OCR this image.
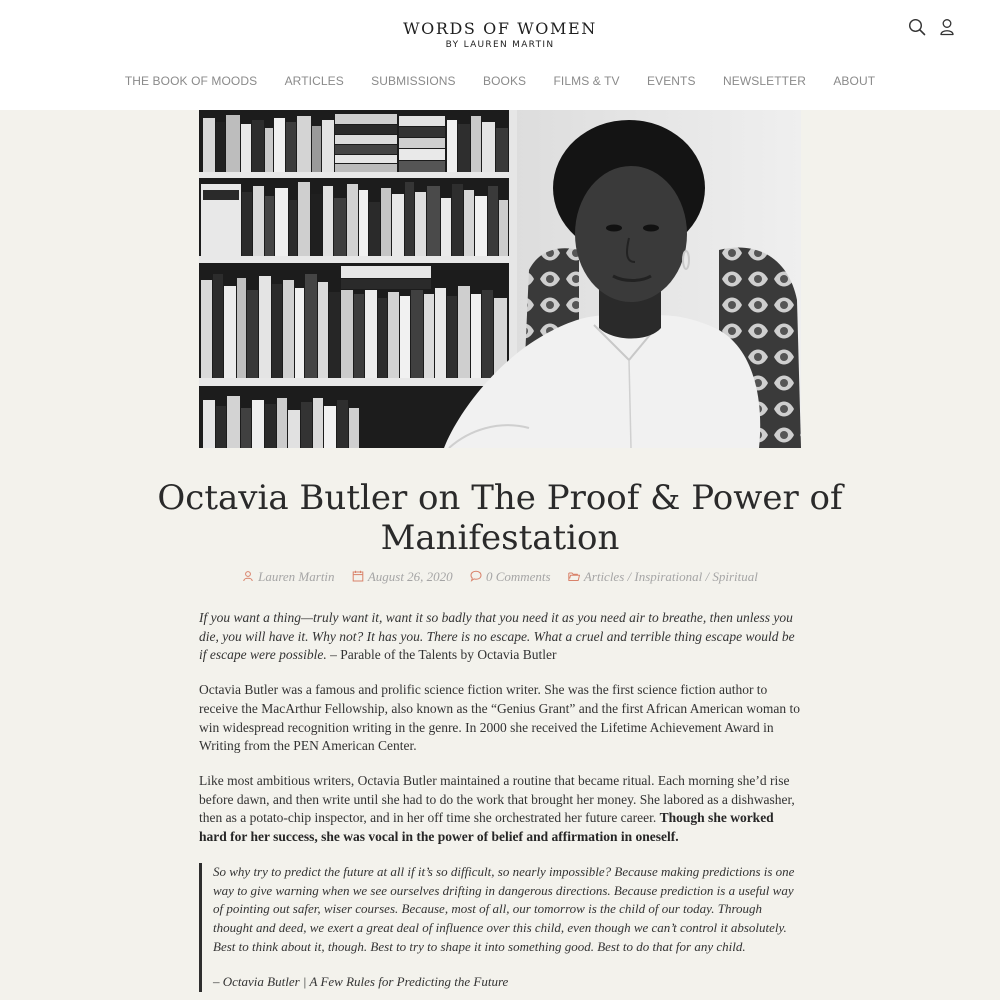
WORDS OF WOMEN
BY LAUREN MARTIN
THE BOOK OF MOODS ARTICLES SUBMISSIONS BOOKS FILMS & TV EVENTS NEWSLETTER ABOUT
Octavia Butler on The Proof & Power of Manifestation
Lauren Martin	August 26, 2020	0 Comments	Articles / Inspirational / Spiritual

If you want a thing—truly want it, want it so badly that you need it as you need air to breathe, then unless you die, you will have it. Why not? It has you. There is no escape. What a cruel and terrible thing escape would be if escape were possible. – Parable of the Talents by Octavia Butler

Octavia Butler was a famous and prolific science fiction writer. She was the first science fiction author to receive the MacArthur Fellowship, also known as the “Genius Grant” and the first African American woman to win widespread recognition writing in the genre. In 2000 she received the Lifetime Achievement Award in Writing from the PEN American Center.

Like most ambitious writers, Octavia Butler maintained a routine that became ritual. Each morning she’d rise before dawn, and then write until she had to do the work that brought her money. She labored as a dishwasher, then as a potato-chip inspector, and in her off time she orchestrated her future career. Though she worked hard for her success, she was vocal in the power of belief and affirmation in oneself.

So why try to predict the future at all if it’s so difficult, so nearly impossible? Because making predictions is one way to give warning when we see ourselves drifting in dangerous directions. Because prediction is a useful way of pointing out safer, wiser courses. Because, most of all, our tomorrow is the child of our today. Through thought and deed, we exert a great deal of influence over this child, even though we can’t control it absolutely. Best to think about it, though. Best to try to shape it into something good. Best to do that for any child.

– Octavia Butler | A Few Rules for Predicting the Future
